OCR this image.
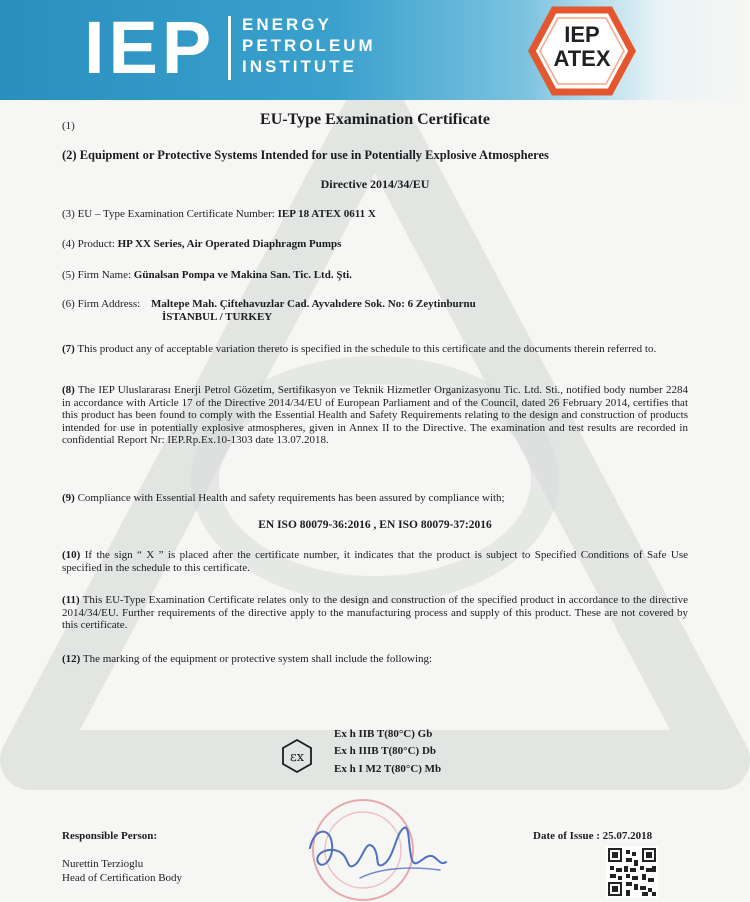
IEP ENERGY
PETROLEUM
INSTITUTE
IEP
ATEX
(1)	EU-Type Examination Certificate
(2) Equipment or Protective Systems Intended for use in Potentially Explosive Atmospheres
Directive 2014/34/EU
(3) EU – Type Examination Certificate Number: IEP 18 ATEX 0611 X
(4) Product: HP XX Series, Air Operated Diaphragm Pumps
(5) Firm Name: Günalsan Pompa ve Makina San. Tic. Ltd. Şti.
(6) Firm Address: Maltepe Mah. Çiftehavuzlar Cad. Ayvalıdere Sok. No: 6 Zeytinburnu
İSTANBUL / TURKEY
(7) This product any of acceptable variation thereto is specified in the schedule to this certificate and the documents therein referred to.
(8) The IEP Uluslararası Enerji Petrol Gözetim, Sertifikasyon ve Teknik Hizmetler Organizasyonu Tic. Ltd. Sti., notified body number 2284 in accordance with Article 17 of the Directive 2014/34/EU of European Parliament and of the Council, dated 26 February 2014, certifies that this product has been found to comply with the Essential Health and Safety Requirements relating to the design and construction of products intended for use in potentially explosive atmospheres, given in Annex II to the Directive. The examination and test results are recorded in confidential Report Nr: IEP.Rp.Ex.10-1303 date 13.07.2018.
(9) Compliance with Essential Health and safety requirements has been assured by compliance with;
EN ISO 80079-36:2016 , EN ISO 80079-37:2016
(10) If the sign “ X ” is placed after the certificate number, it indicates that the product is subject to Specified Conditions of Safe Use specified in the schedule to this certificate.
(11) This EU-Type Examination Certificate relates only to the design and construction of the specified product in accordance to the directive 2014/34/EU. Further requirements of the directive apply to the manufacturing process and supply of this product. These are not covered by this certificate.
(12) The marking of the equipment or protective system shall include the following:
εx
Ex h IIB T(80°C) Gb
Ex h IIIB T(80°C) Db
Ex h I M2 T(80°C) Mb
Responsible Person:
Nurettin Terzioglu
Head of Certification Body
Date of Issue : 25.07.2018
